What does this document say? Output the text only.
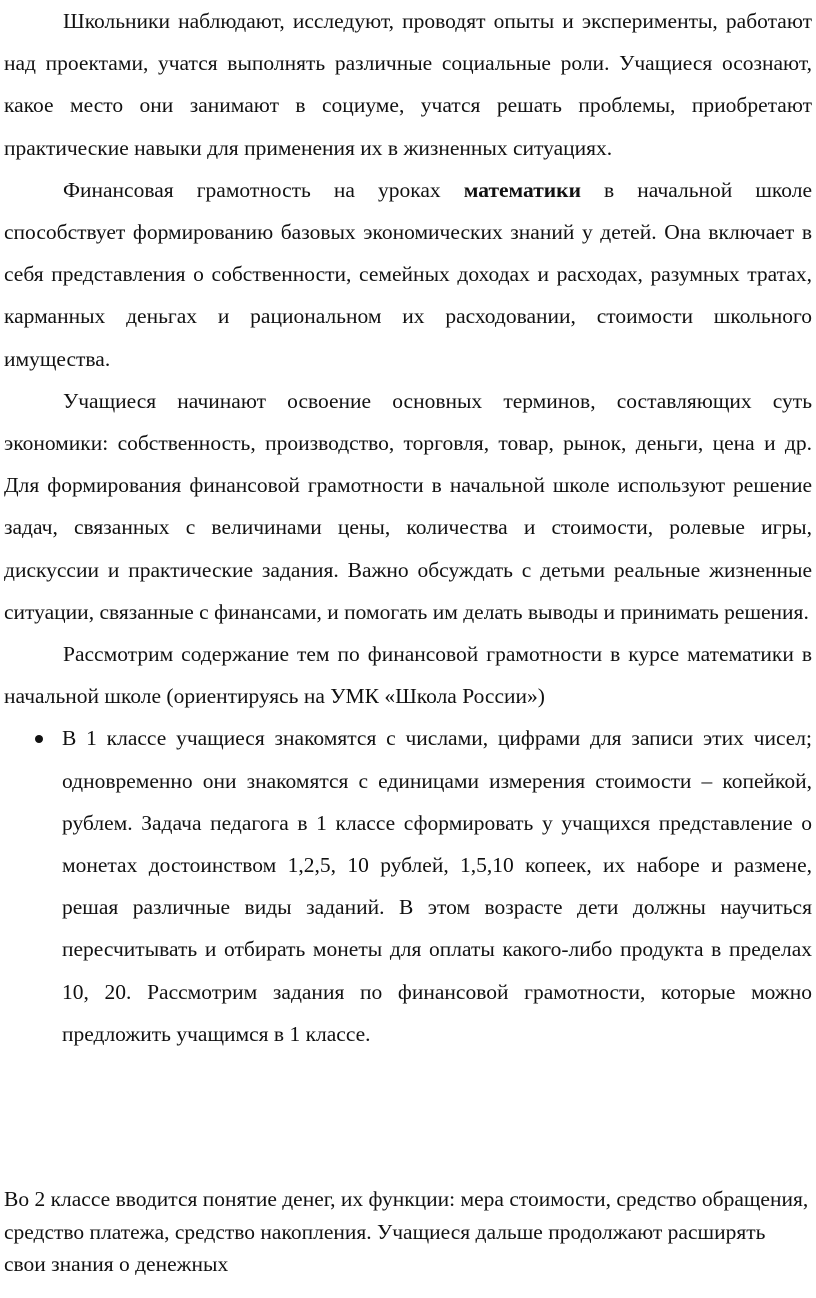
Школьники наблюдают, исследуют, проводят опыты и эксперименты, работают над проектами, учатся выполнять различные социальные роли. Учащиеся осознают, какое место они занимают в социуме, учатся решать проблемы, приобретают практические навыки для применения их в жизненных ситуациях.

Финансовая грамотность на уроках математики в начальной школе способствует формированию базовых экономических знаний у детей. Она включает в себя представления о собственности, семейных доходах и расходах, разумных тратах, карманных деньгах и рациональном их расходовании, стоимости школьного имущества.

Учащиеся начинают освоение основных терминов, составляющих суть экономики: собственность, производство, торговля, товар, рынок, деньги, цена и др. Для формирования финансовой грамотности в начальной школе используют решение задач, связанных с величинами цены, количества и стоимости, ролевые игры, дискуссии и практические задания. Важно обсуждать с детьми реальные жизненные ситуации, связанные с финансами, и помогать им делать выводы и принимать решения.

Рассмотрим содержание тем по финансовой грамотности в курсе математики в начальной школе (ориентируясь на УМК «Школа России»)

В 1 классе учащиеся знакомятся с числами, цифрами для записи этих чисел; одновременно они знакомятся с единицами измерения стоимости – копейкой, рублем. Задача педагога в 1 классе сформировать у учащихся представление о монетах достоинством 1,2,5, 10 рублей, 1,5,10 копеек, их наборе и размене, решая различные виды заданий. В этом возрасте дети должны научиться пересчитывать и отбирать монеты для оплаты какого-либо продукта в пределах 10, 20. Рассмотрим задания по финансовой грамотности, которые можно предложить учащимся в 1 классе.

Во 2 классе вводится понятие денег, их функции: мера стоимости, средство обращения, средство платежа, средство накопления. Учащиеся дальше продолжают расширять свои знания о денежных
